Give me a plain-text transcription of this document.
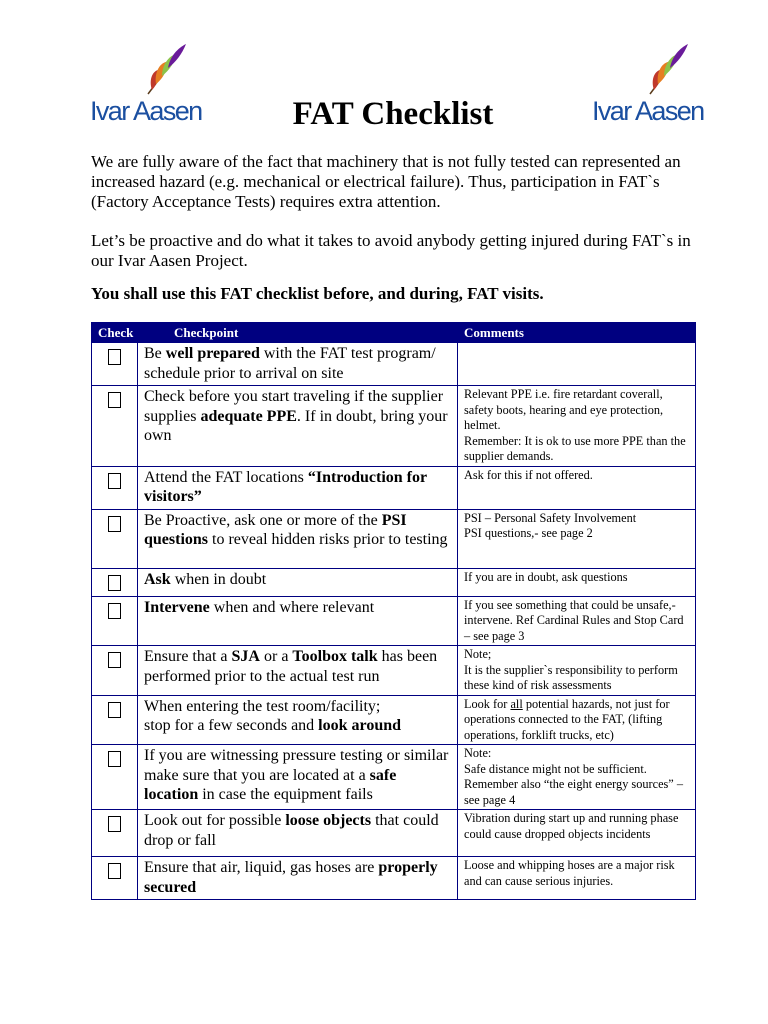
Ivar Aasen	Ivar Aasen
FAT Checklist
We are fully aware of the fact that machinery that is not fully tested can represented an increased hazard (e.g. mechanical or electrical failure). Thus, participation in FAT`s (Factory Acceptance Tests) requires extra attention.
Let’s be proactive and do what it takes to avoid anybody getting injured during FAT`s in our Ivar Aasen Project.
You shall use this FAT checklist before, and during, FAT visits.
Check	Checkpoint	Comments
	Be well prepared with the FAT test program/ schedule prior to arrival on site	
	Check before you start traveling if the supplier supplies adequate PPE. If in doubt, bring your own	Relevant PPE i.e. fire retardant coverall, safety boots, hearing and eye protection, helmet.
Remember: It is ok to use more PPE than the supplier demands.
	Attend the FAT locations “Introduction for visitors”	Ask for this if not offered.
	Be Proactive, ask one or more of the PSI questions to reveal hidden risks prior to testing	PSI – Personal Safety Involvement
PSI questions,- see page 2
	Ask when in doubt	If you are in doubt, ask questions
	Intervene when and where relevant	If you see something that could be unsafe,- intervene. Ref Cardinal Rules and Stop Card – see page 3
	Ensure that a SJA or a Toolbox talk has been performed prior to the actual test run	Note;
It is the supplier`s responsibility to perform these kind of risk assessments
	When entering the test room/facility;
stop for a few seconds and look around	Look for all potential hazards, not just for operations connected to the FAT, (lifting operations, forklift trucks, etc)
	If you are witnessing pressure testing or similar make sure that you are located at a safe location in case the equipment fails	Note:
Safe distance might not be sufficient. Remember also “the eight energy sources” – see page 4
	Look out for possible loose objects that could drop or fall	Vibration during start up and running phase could cause dropped objects incidents
	Ensure that air, liquid, gas hoses are properly secured	Loose and whipping hoses are a major risk and can cause serious injuries.
